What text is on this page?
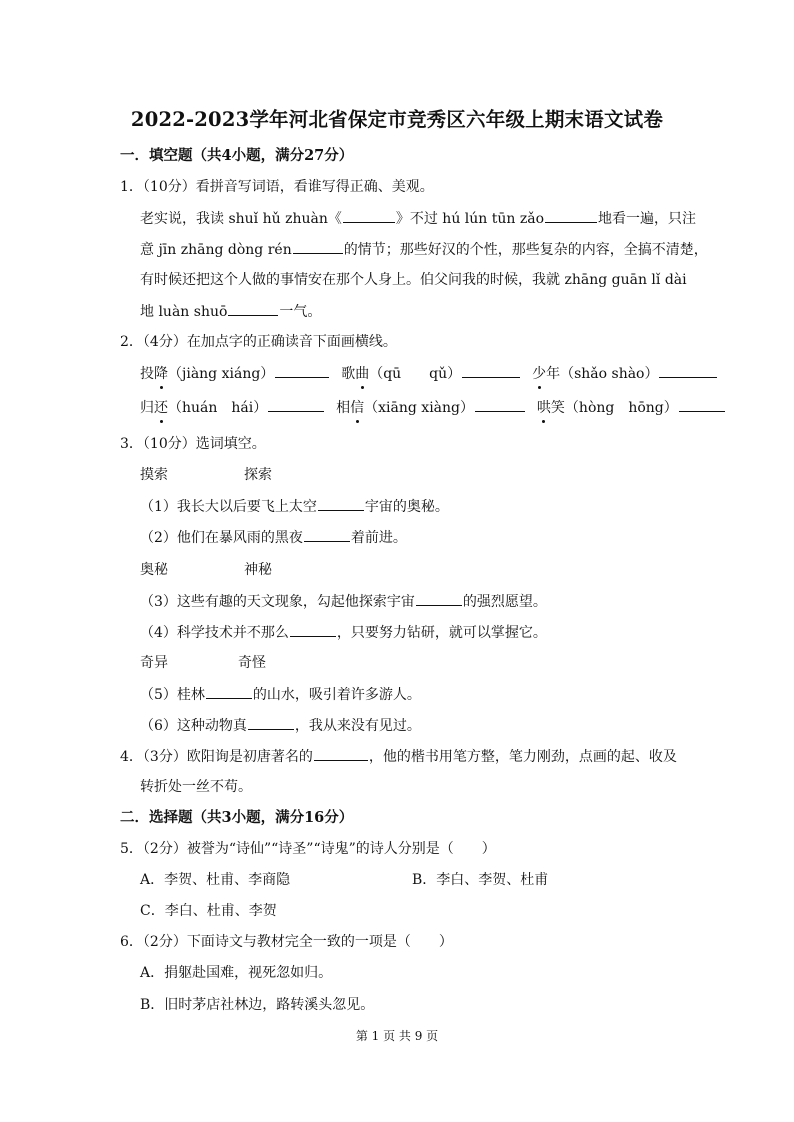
2022-2023学年河北省保定市竞秀区六年级上期末语文试卷
一．填空题（共4小题，满分27分）
1．（10分）看拼音写词语，看谁写得正确、美观。
老实说，我读 shuǐ hǔ zhuàn《	》不过 hú lún tūn zǎo	地看一遍，只注
意 jīn zhāng dòng rén	的情节；那些好汉的个性，那些复杂的内容，全搞不清楚，
有时候还把这个人做的事情安在那个人身上。伯父问我的时候，我就 zhāng guān lǐ dài
地 luàn shuō	一气。
2．（4分）在加点字的正确读音下面画横线。
投降（jiàng xiáng）	歌曲（qū　　qǔ）	少年（shǎo shào）
归还（huán　hái）	相信（xiāng xiàng）	哄笑（hòng　hōng）
3．（10分）选词填空。
摸索	探索
（1）我长大以后要飞上太空	宇宙的奥秘。
（2）他们在暴风雨的黑夜	着前进。
奥秘	神秘
（3）这些有趣的天文现象，勾起他探索宇宙	的强烈愿望。
（4）科学技术并不那么	，只要努力钻研，就可以掌握它。
奇异	奇怪
（5）桂林	的山水，吸引着许多游人。
（6）这种动物真	，我从来没有见过。
4．（3分）欧阳询是初唐著名的	，他的楷书用笔方整，笔力刚劲，点画的起、收及
转折处一丝不苟。
二．选择题（共3小题，满分16分）
5．（2分）被誉为“诗仙”“诗圣”“诗鬼”的诗人分别是（　　）
A．李贺、杜甫、李商隐	B．李白、李贺、杜甫
C．李白、杜甫、李贺
6．（2分）下面诗文与教材完全一致的一项是（　　）
A．捐躯赴国难，视死忽如归。
B．旧时茅店社林边，路转溪头忽见。
第 1 页 共 9 页
